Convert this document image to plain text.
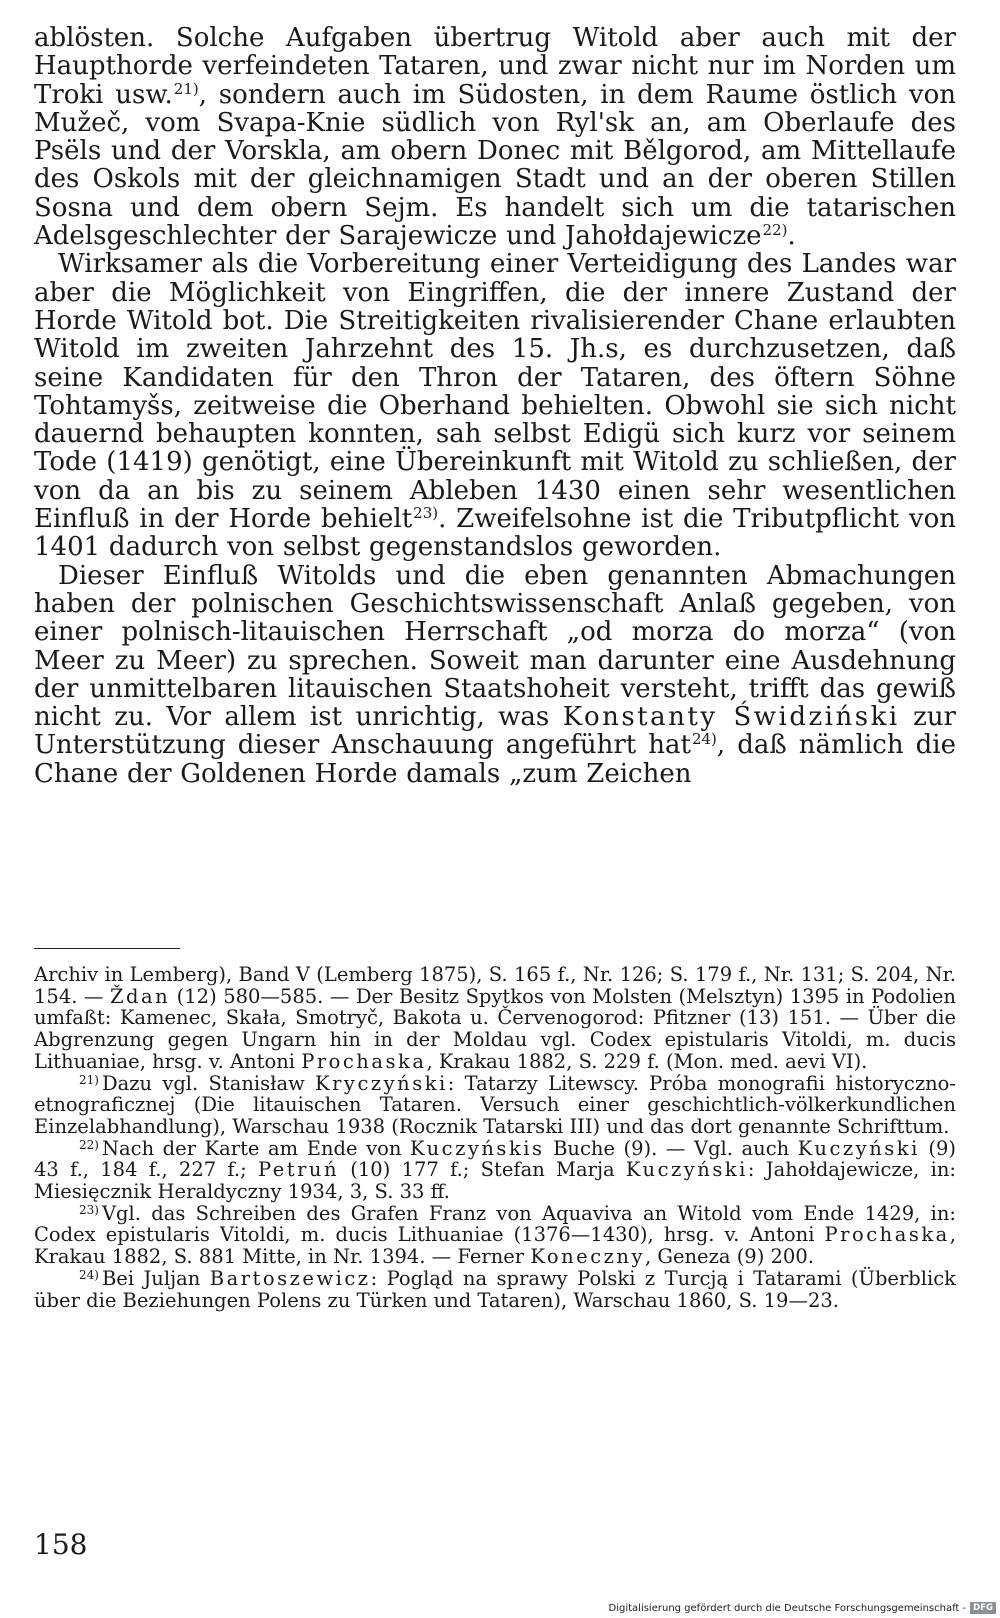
ablösten. Solche Aufgaben übertrug Witold aber auch mit der Haupthorde verfeindeten Tataren, und zwar nicht nur im Norden um Troki usw.$^{21)}$, sondern auch im Südosten, in dem Raume östlich von Mužeč, vom Svapa-Knie südlich von Ryl'sk an, am Oberlaufe des Psëls und der Vorskla, am obern Donec mit Bělgorod, am Mittellaufe des Oskols mit der gleichnamigen Stadt und an der oberen Stillen Sosna und dem obern Sejm. Es handelt sich um die tatarischen Adelsgeschlechter der Sarajewicze und Jahołdajewicze$^{22)}$.

Wirksamer als die Vorbereitung einer Verteidigung des Landes war aber die Möglichkeit von Eingriffen, die der innere Zustand der Horde Witold bot. Die Streitigkeiten rivalisierender Chane erlaubten Witold im zweiten Jahrzehnt des 15. Jh.s, es durchzusetzen, daß seine Kandidaten für den Thron der Tataren, des öftern Söhne Tohtamyšs, zeitweise die Oberhand behielten. Obwohl sie sich nicht dauernd behaupten konnten, sah selbst Edigü sich kurz vor seinem Tode (1419) genötigt, eine Übereinkunft mit Witold zu schließen, der von da an bis zu seinem Ableben 1430 einen sehr wesentlichen Einfluß in der Horde behielt$^{23)}$. Zweifelsohne ist die Tributpflicht von 1401 dadurch von selbst gegenstandslos geworden.

Dieser Einfluß Witolds und die eben genannten Abmachungen haben der polnischen Geschichtswissenschaft Anlaß gegeben, von einer polnisch-litauischen Herrschaft „od morza do morza“ (von Meer zu Meer) zu sprechen. Soweit man darunter eine Ausdehnung der unmittelbaren litauischen Staatshoheit versteht, trifft das gewiß nicht zu. Vor allem ist unrichtig, was Konstanty Świdziński zur Unterstützung dieser Anschauung angeführt hat$^{24)}$, daß nämlich die Chane der Goldenen Horde damals „zum Zeichen

Archiv in Lemberg), Band V (Lemberg 1875), S. 165 f., Nr. 126; S. 179 f., Nr. 131; S. 204, Nr. 154. — Ždan (12) 580—585. — Der Besitz Spytkos von Molsten (Melsztyn) 1395 in Podolien umfaßt: Kamenec, Skała, Smotryč, Bakota u. Červenogorod: Pfitzner (13) 151. — Über die Abgrenzung gegen Ungarn hin in der Moldau vgl. Codex epistularis Vitoldi, m. ducis Lithuaniae, hrsg. v. Antoni Prochaska, Krakau 1882, S. 229 f. (Mon. med. aevi VI).

$^{21)}$ Dazu vgl. Stanisław Kryczyński: Tatarzy Litewscy. Próba monografii historyczno-etnograficznej (Die litauischen Tataren. Versuch einer geschichtlich-völkerkundlichen Einzelabhandlung), Warschau 1938 (Rocznik Tatarski III) und das dort genannte Schrifttum.

$^{22)}$ Nach der Karte am Ende von Kuczyńskis Buche (9). — Vgl. auch Kuczyński (9) 43 f., 184 f., 227 f.; Petruń (10) 177 f.; Stefan Marja Kuczyński: Jahołdajewicze, in: Miesięcznik Heraldyczny 1934, 3, S. 33 ff.

$^{23)}$ Vgl. das Schreiben des Grafen Franz von Aquaviva an Witold vom Ende 1429, in: Codex epistularis Vitoldi, m. ducis Lithuaniae (1376—1430), hrsg. v. Antoni Prochaska, Krakau 1882, S. 881 Mitte, in Nr. 1394. — Ferner Koneczny, Geneza (9) 200.

$^{24)}$ Bei Juljan Bartoszewicz: Pogląd na sprawy Polski z Turcją i Tatarami (Überblick über die Beziehungen Polens zu Türken und Tataren), Warschau 1860, S. 19—23.

158
Digitalisierung gefördert durch die Deutsche Forschungsgemeinschaft - DFG
